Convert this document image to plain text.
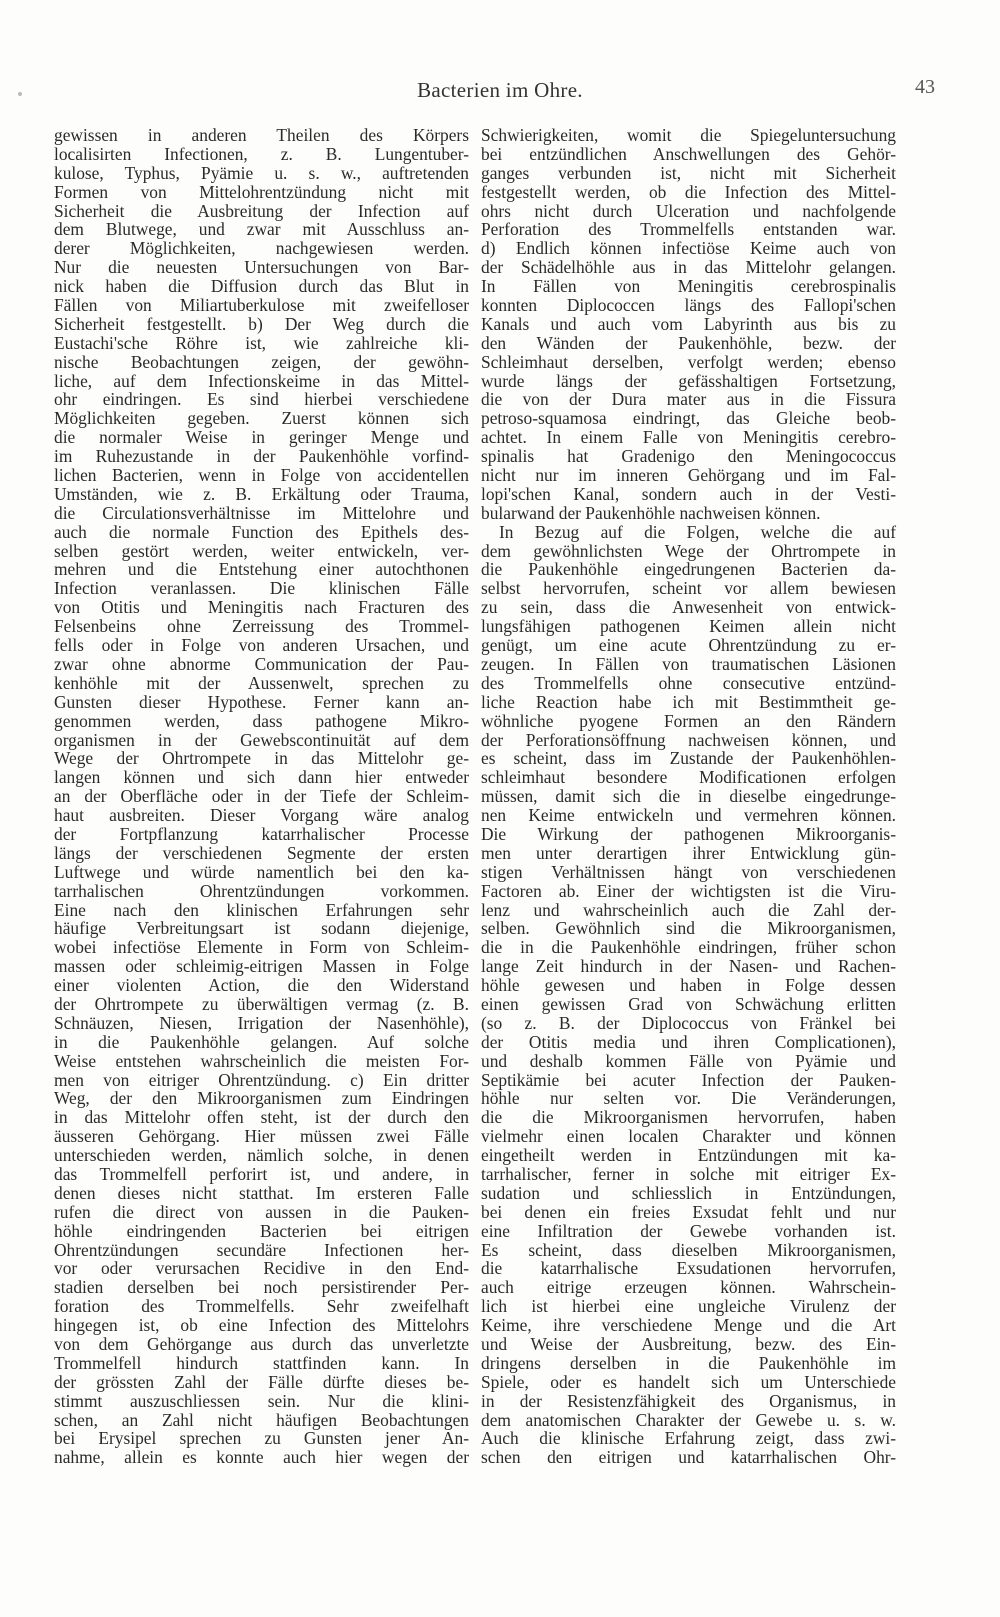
Bacterien im Ohre.	43
gewissen in anderen Theilen des Körpers
localisirten Infectionen, z. B. Lungentuber-
kulose, Typhus, Pyämie u. s. w., auftretenden
Formen von Mittelohrentzündung nicht mit
Sicherheit die Ausbreitung der Infection auf
dem Blutwege, und zwar mit Ausschluss an-
derer Möglichkeiten, nachgewiesen werden.
Nur die neuesten Untersuchungen von Bar-
nick haben die Diffusion durch das Blut in
Fällen von Miliartuberkulose mit zweifelloser
Sicherheit festgestellt. b) Der Weg durch die
Eustachi'sche Röhre ist, wie zahlreiche kli-
nische Beobachtungen zeigen, der gewöhn-
liche, auf dem Infectionskeime in das Mittel-
ohr eindringen. Es sind hierbei verschiedene
Möglichkeiten gegeben. Zuerst können sich
die normaler Weise in geringer Menge und
im Ruhezustande in der Paukenhöhle vorfind-
lichen Bacterien, wenn in Folge von accidentellen
Umständen, wie z. B. Erkältung oder Trauma,
die Circulationsverhältnisse im Mittelohre und
auch die normale Function des Epithels des-
selben gestört werden, weiter entwickeln, ver-
mehren und die Entstehung einer autochthonen
Infection veranlassen. Die klinischen Fälle
von Otitis und Meningitis nach Fracturen des
Felsenbeins ohne Zerreissung des Trommel-
fells oder in Folge von anderen Ursachen, und
zwar ohne abnorme Communication der Pau-
kenhöhle mit der Aussenwelt, sprechen zu
Gunsten dieser Hypothese. Ferner kann an-
genommen werden, dass pathogene Mikro-
organismen in der Gewebscontinuität auf dem
Wege der Ohrtrompete in das Mittelohr ge-
langen können und sich dann hier entweder
an der Oberfläche oder in der Tiefe der Schleim-
haut ausbreiten. Dieser Vorgang wäre analog
der Fortpflanzung katarrhalischer Processe
längs der verschiedenen Segmente der ersten
Luftwege und würde namentlich bei den ka-
tarrhalischen Ohrentzündungen vorkommen.
Eine nach den klinischen Erfahrungen sehr
häufige Verbreitungsart ist sodann diejenige,
wobei infectiöse Elemente in Form von Schleim-
massen oder schleimig-eitrigen Massen in Folge
einer violenten Action, die den Widerstand
der Ohrtrompete zu überwältigen vermag (z. B.
Schnäuzen, Niesen, Irrigation der Nasenhöhle),
in die Paukenhöhle gelangen. Auf solche
Weise entstehen wahrscheinlich die meisten For-
men von eitriger Ohrentzündung. c) Ein dritter
Weg, der den Mikroorganismen zum Eindringen
in das Mittelohr offen steht, ist der durch den
äusseren Gehörgang. Hier müssen zwei Fälle
unterschieden werden, nämlich solche, in denen
das Trommelfell perforirt ist, und andere, in
denen dieses nicht statthat. Im ersteren Falle
rufen die direct von aussen in die Pauken-
höhle eindringenden Bacterien bei eitrigen
Ohrentzündungen secundäre Infectionen her-
vor oder verursachen Recidive in den End-
stadien derselben bei noch persistirender Per-
foration des Trommelfells. Sehr zweifelhaft
hingegen ist, ob eine Infection des Mittelohrs
von dem Gehörgange aus durch das unverletzte
Trommelfell hindurch stattfinden kann. In
der grössten Zahl der Fälle dürfte dieses be-
stimmt auszuschliessen sein. Nur die klini-
schen, an Zahl nicht häufigen Beobachtungen
bei Erysipel sprechen zu Gunsten jener An-
nahme, allein es konnte auch hier wegen der
Schwierigkeiten, womit die Spiegeluntersuchung
bei entzündlichen Anschwellungen des Gehör-
ganges verbunden ist, nicht mit Sicherheit
festgestellt werden, ob die Infection des Mittel-
ohrs nicht durch Ulceration und nachfolgende
Perforation des Trommelfells entstanden war.
d) Endlich können infectiöse Keime auch von
der Schädelhöhle aus in das Mittelohr gelangen.
In Fällen von Meningitis cerebrospinalis
konnten Diplococcen längs des Fallopi'schen
Kanals und auch vom Labyrinth aus bis zu
den Wänden der Paukenhöhle, bezw. der
Schleimhaut derselben, verfolgt werden; ebenso
wurde längs der gefässhaltigen Fortsetzung,
die von der Dura mater aus in die Fissura
petroso-squamosa eindringt, das Gleiche beob-
achtet. In einem Falle von Meningitis cerebro-
spinalis hat Gradenigo den Meningococcus
nicht nur im inneren Gehörgang und im Fal-
lopi'schen Kanal, sondern auch in der Vesti-
bularwand der Paukenhöhle nachweisen können.
In Bezug auf die Folgen, welche die auf
dem gewöhnlichsten Wege der Ohrtrompete in
die Paukenhöhle eingedrungenen Bacterien da-
selbst hervorrufen, scheint vor allem bewiesen
zu sein, dass die Anwesenheit von entwick-
lungsfähigen pathogenen Keimen allein nicht
genügt, um eine acute Ohrentzündung zu er-
zeugen. In Fällen von traumatischen Läsionen
des Trommelfells ohne consecutive entzünd-
liche Reaction habe ich mit Bestimmtheit ge-
wöhnliche pyogene Formen an den Rändern
der Perforationsöffnung nachweisen können, und
es scheint, dass im Zustande der Paukenhöhlen-
schleimhaut besondere Modificationen erfolgen
müssen, damit sich die in dieselbe eingedrunge-
nen Keime entwickeln und vermehren können.
Die Wirkung der pathogenen Mikroorganis-
men unter derartigen ihrer Entwicklung gün-
stigen Verhältnissen hängt von verschiedenen
Factoren ab. Einer der wichtigsten ist die Viru-
lenz und wahrscheinlich auch die Zahl der-
selben. Gewöhnlich sind die Mikroorganismen,
die in die Paukenhöhle eindringen, früher schon
lange Zeit hindurch in der Nasen- und Rachen-
höhle gewesen und haben in Folge dessen
einen gewissen Grad von Schwächung erlitten
(so z. B. der Diplococcus von Fränkel bei
der Otitis media und ihren Complicationen),
und deshalb kommen Fälle von Pyämie und
Septikämie bei acuter Infection der Pauken-
höhle nur selten vor. Die Veränderungen,
die die Mikroorganismen hervorrufen, haben
vielmehr einen localen Charakter und können
eingetheilt werden in Entzündungen mit ka-
tarrhalischer, ferner in solche mit eitriger Ex-
sudation und schliesslich in Entzündungen,
bei denen ein freies Exsudat fehlt und nur
eine Infiltration der Gewebe vorhanden ist.
Es scheint, dass dieselben Mikroorganismen,
die katarrhalische Exsudationen hervorrufen,
auch eitrige erzeugen können. Wahrschein-
lich ist hierbei eine ungleiche Virulenz der
Keime, ihre verschiedene Menge und die Art
und Weise der Ausbreitung, bezw. des Ein-
dringens derselben in die Paukenhöhle im
Spiele, oder es handelt sich um Unterschiede
in der Resistenzfähigkeit des Organismus, in
dem anatomischen Charakter der Gewebe u. s. w.
Auch die klinische Erfahrung zeigt, dass zwi-
schen den eitrigen und katarrhalischen Ohr-
